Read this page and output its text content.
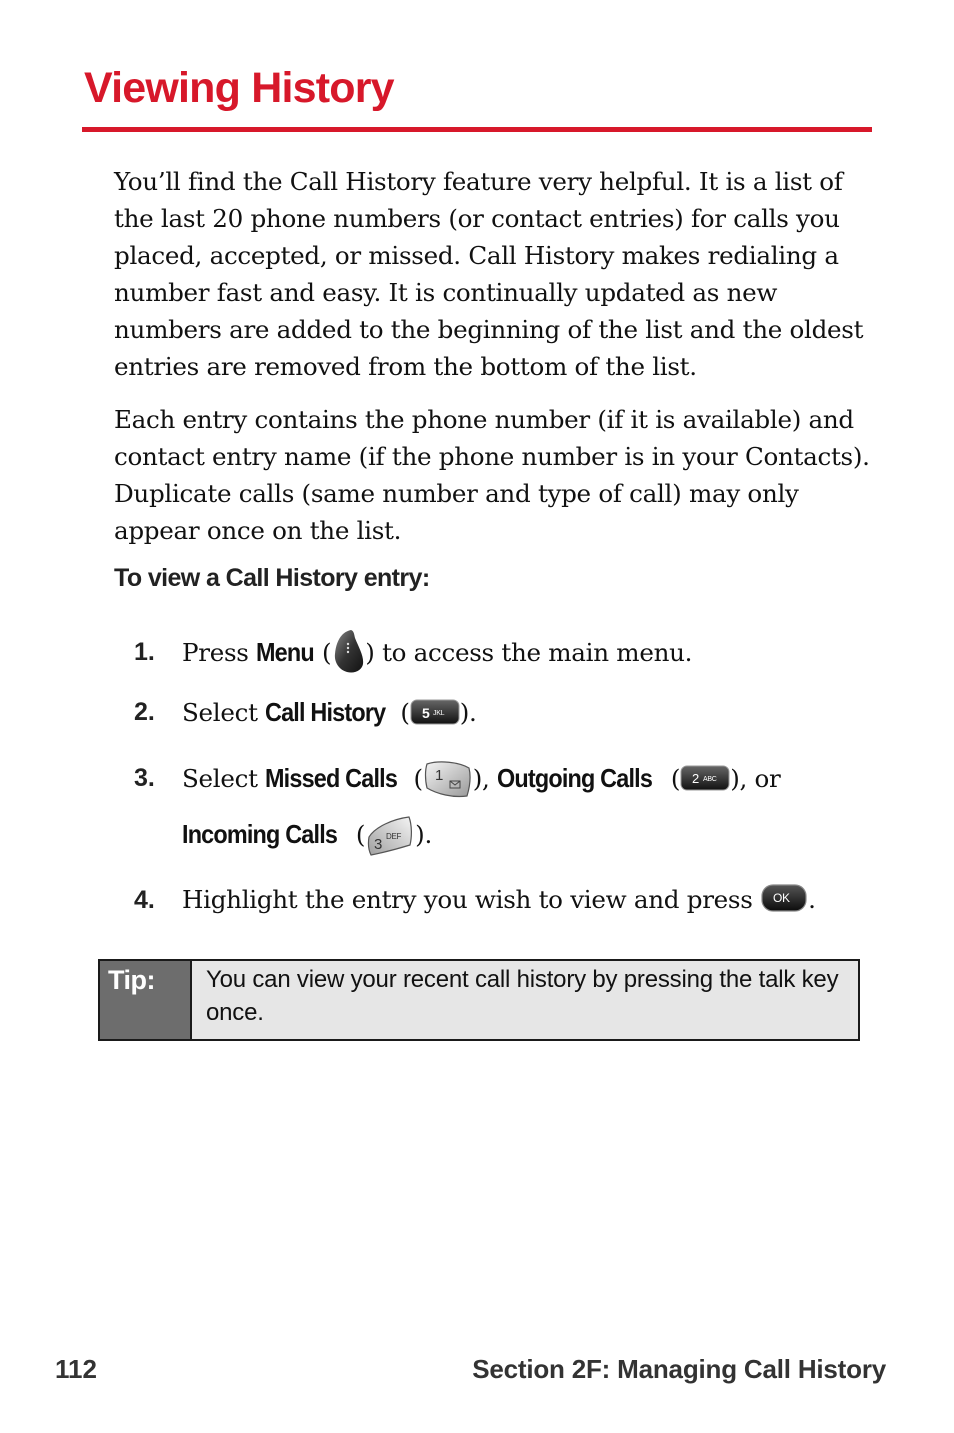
Viewing History

You’ll find the Call History feature very helpful. It is a list of the last 20 phone numbers (or contact entries) for calls you placed, accepted, or missed. Call History makes redialing a number fast and easy. It is continually updated as new numbers are added to the beginning of the list and the oldest entries are removed from the bottom of the list.

Each entry contains the phone number (if it is available) and contact entry name (if the phone number is in your Contacts). Duplicate calls (same number and type of call) may only appear once on the list.

To view a Call History entry:
1. Press Menu ( ) to access the main menu.
2. Select Call History ( 5 JKL ).
3. Select Missed Calls ( 1 ), Outgoing Calls ( 2 ABC ), or
Incoming Calls ( 3 DEF ).
4. Highlight the entry you wish to view and press OK .
Tip: You can view your recent call history by pressing the talk key once.

112	Section 2F: Managing Call History
